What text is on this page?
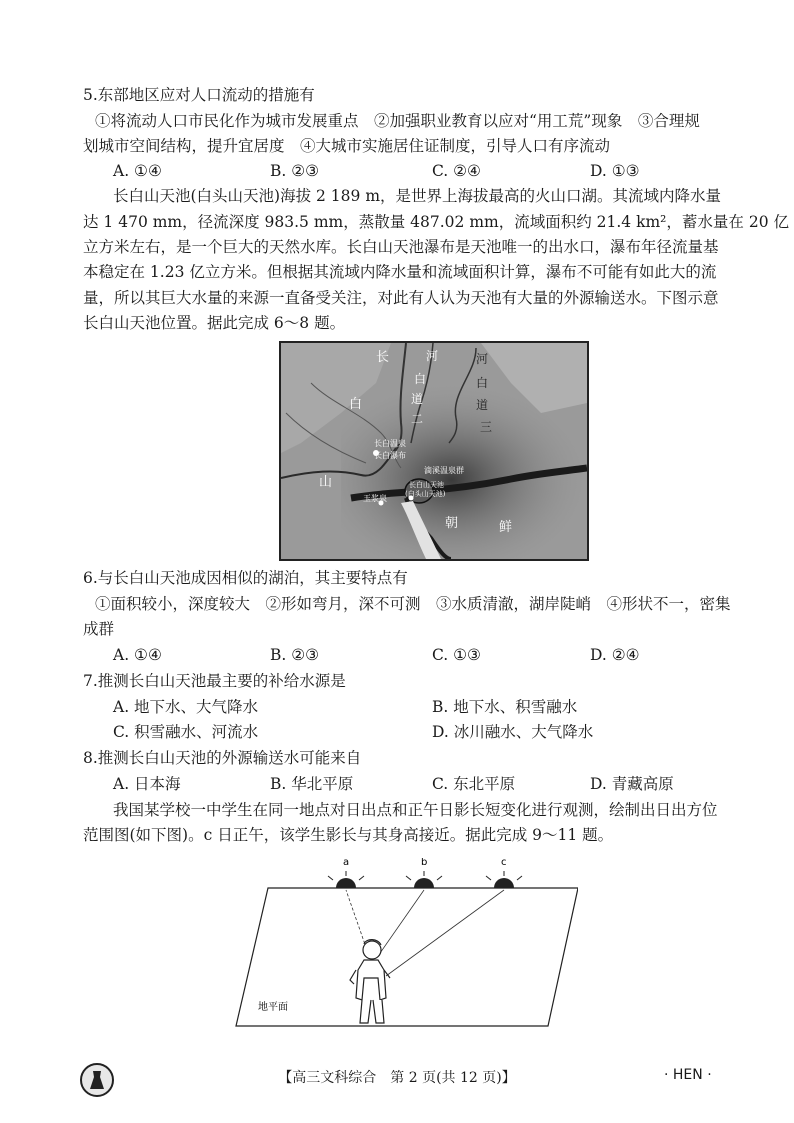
5.东部地区应对人口流动的措施有
①将流动人口市民化作为城市发展重点　②加强职业教育以应对“用工荒”现象　③合理规
划城市空间结构，提升宜居度　④大城市实施居住证制度，引导人口有序流动
A. ①④	B. ②③	C. ②④	D. ①③
长白山天池(白头山天池)海拔 2 189 m，是世界上海拔最高的火山口湖。其流域内降水量
达 1 470 mm，径流深度 983.5 mm，蒸散量 487.02 mm，流域面积约 21.4 km²，蓄水量在 20 亿
立方米左右，是一个巨大的天然水库。长白山天池瀑布是天池唯一的出水口，瀑布年径流量基
本稳定在 1.23 亿立方米。但根据其流域内降水量和流域面积计算，瀑布不可能有如此大的流
量，所以其巨大水量的来源一直备受关注，对此有人认为天池有大量的外源输送水。下图示意
长白山天池位置。据此完成 6～8 题。
长
白
山
河
白
道
二
河
白
道
三
长白温泉
长白瀑布
滴溪温泉群
长白山天池
(白头山天池)
玉浆泉
朝	鲜
6.与长白山天池成因相似的湖泊，其主要特点有
①面积较小，深度较大　②形如弯月，深不可测　③水质清澈，湖岸陡峭　④形状不一，密集
成群
A. ①④	B. ②③	C. ①③	D. ②④
7.推测长白山天池最主要的补给水源是
A. 地下水、大气降水	B. 地下水、积雪融水
C. 积雪融水、河流水	D. 冰川融水、大气降水
8.推测长白山天池的外源输送水可能来自
A. 日本海	B. 华北平原	C. 东北平原	D. 青藏高原
我国某学校一中学生在同一地点对日出点和正午日影长短变化进行观测，绘制出日出方位
范围图(如下图)。c 日正午，该学生影长与其身高接近。据此完成 9～11 题。
a	b	c
地平面
【高三文科综合　第 2 页(共 12 页)】	· HEN ·
